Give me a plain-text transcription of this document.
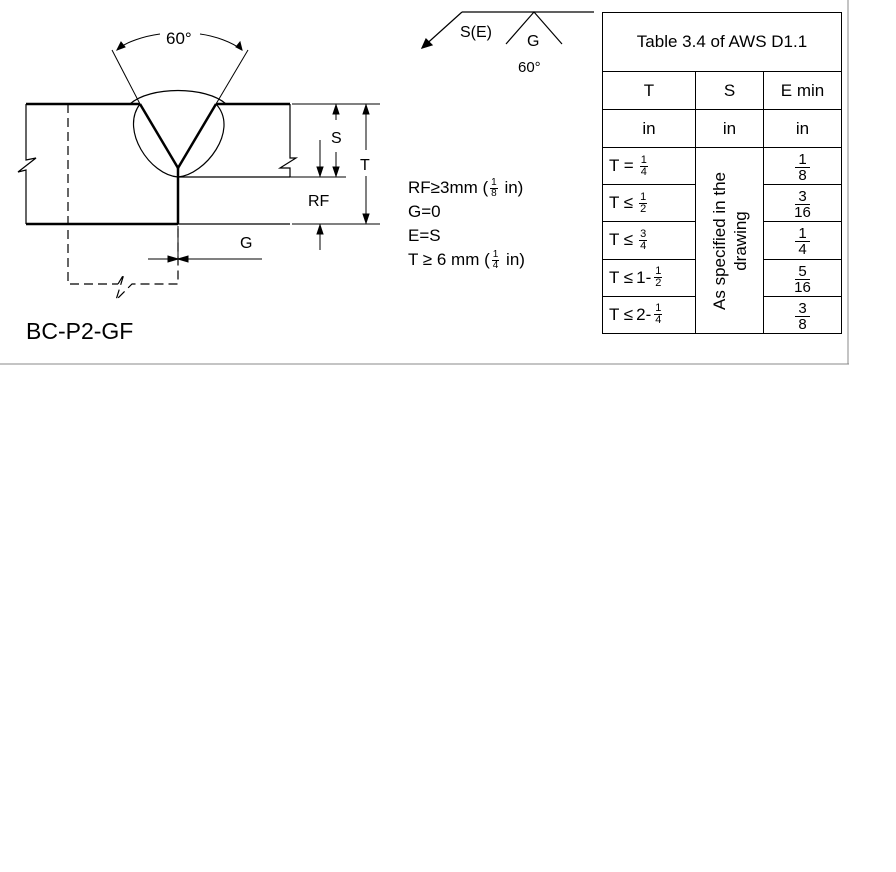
60°
S
T
RF
G
S(E)
G
60°
RF≥3mm ( $\frac{1}{8} in$)
G=0
E=S
T ≥ 6 mm ( $\frac{1}{4} in$)
BC-P2-GF
Table 3.4 of AWS D1.1		
T	S	E min
in	in	in

$T = \frac{1}{4}$	As specified in the drawing	$\frac{1}{8}$

$T \le \frac{1}{2}$		$\frac{3}{16}$

$T \le \frac{3}{4}$		$\frac{1}{4}$

$T \le 1- \frac{1}{2}$		$\frac{5}{16}$

$T \le 2- \frac{1}{4}$		$\frac{3}{8}$
